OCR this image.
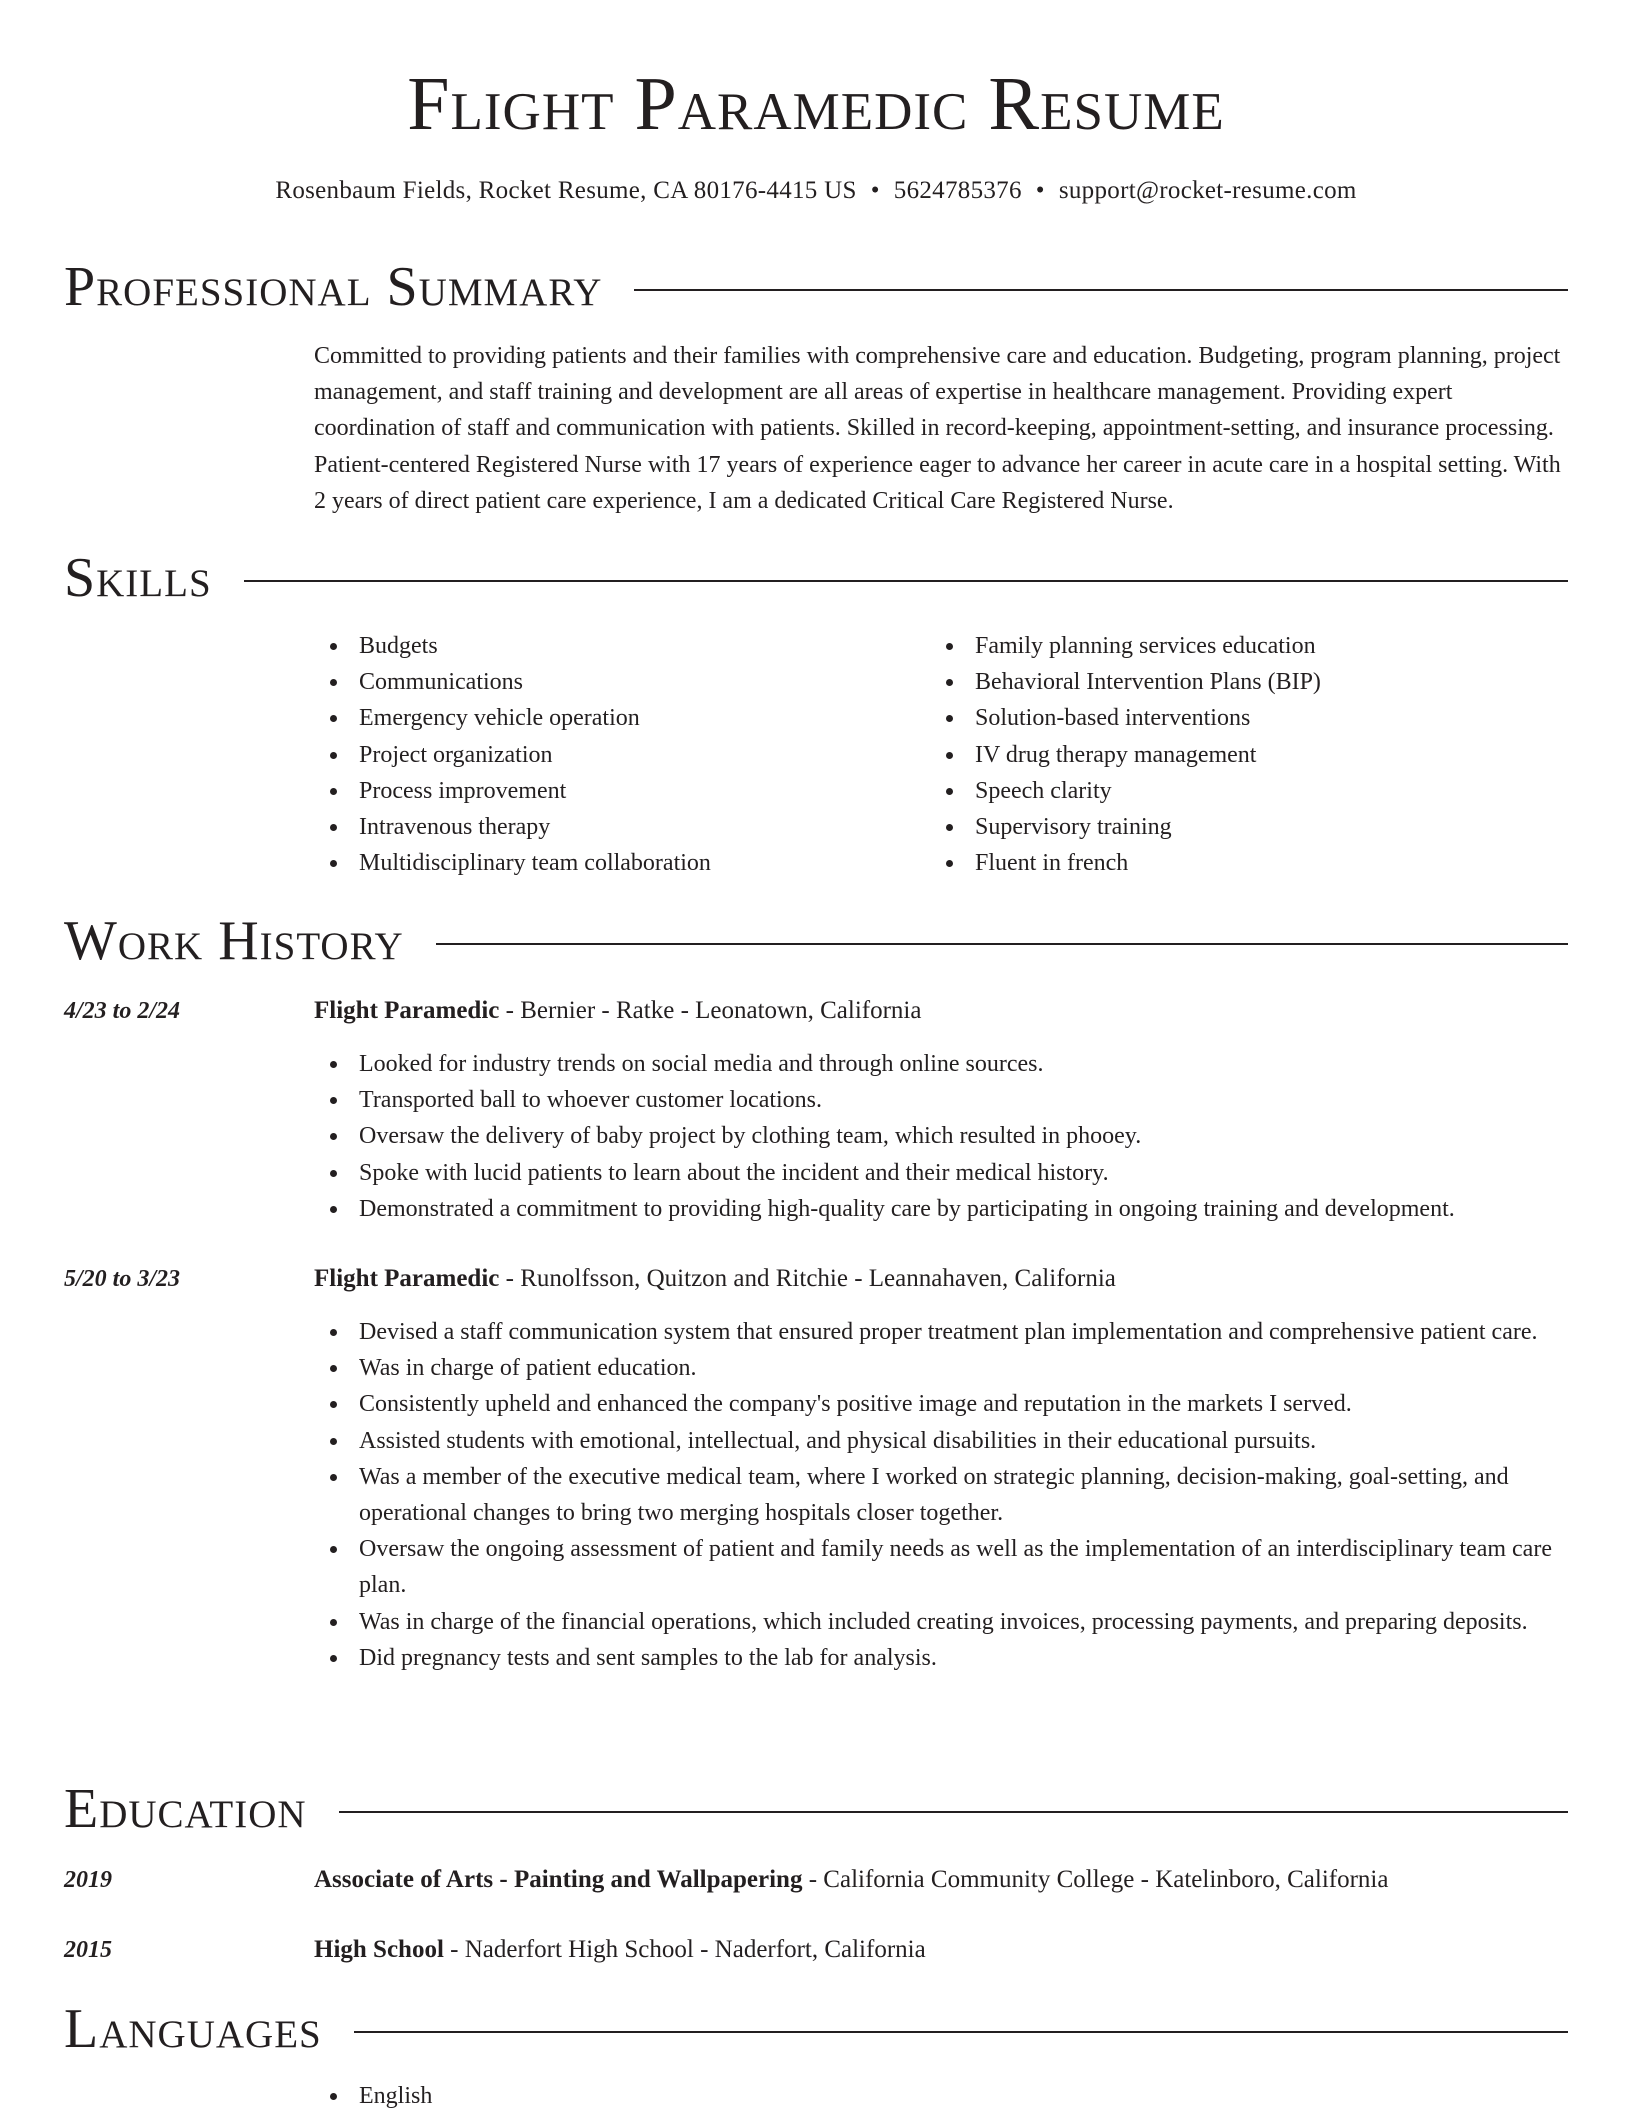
Flight Paramedic Resume
Rosenbaum Fields, Rocket Resume, CA 80176-4415 US • 5624785376 • support@rocket-resume.com
Professional Summary

Committed to providing patients and their families with comprehensive care and education. Budgeting, program planning, project management, and staff training and development are all areas of expertise in healthcare management. Providing expert coordination of staff and communication with patients. Skilled in record-keeping, appointment-setting, and insurance processing. Patient-centered Registered Nurse with 17 years of experience eager to advance her career in acute care in a hospital setting. With 2 years of direct patient care experience, I am a dedicated Critical Care Registered Nurse.

Skills
Budgets
Communications
Emergency vehicle operation
Project organization
Process improvement
Intravenous therapy
Multidisciplinary team collaboration
Family planning services education
Behavioral Intervention Plans (BIP)
Solution-based interventions
IV drug therapy management
Speech clarity
Supervisory training
Fluent in french
Work History
4/23 to 2/24	Flight Paramedic - Bernier - Ratke - Leonatown, California
Looked for industry trends on social media and through online sources.
Transported ball to whoever customer locations.
Oversaw the delivery of baby project by clothing team, which resulted in phooey.
Spoke with lucid patients to learn about the incident and their medical history.
Demonstrated a commitment to providing high-quality care by participating in ongoing training and development.
5/20 to 3/23	Flight Paramedic - Runolfsson, Quitzon and Ritchie - Leannahaven, California
Devised a staff communication system that ensured proper treatment plan implementation and comprehensive patient care.
Was in charge of patient education.
Consistently upheld and enhanced the company's positive image and reputation in the markets I served.
Assisted students with emotional, intellectual, and physical disabilities in their educational pursuits.
Was a member of the executive medical team, where I worked on strategic planning, decision-making, goal-setting, and operational changes to bring two merging hospitals closer together.
Oversaw the ongoing assessment of patient and family needs as well as the implementation of an interdisciplinary team care plan.
Was in charge of the financial operations, which included creating invoices, processing payments, and preparing deposits.
Did pregnancy tests and sent samples to the lab for analysis.
Education
2019	Associate of Arts - Painting and Wallpapering - California Community College - Katelinboro, California
2015	High School - Naderfort High School - Naderfort, California
Languages
English
